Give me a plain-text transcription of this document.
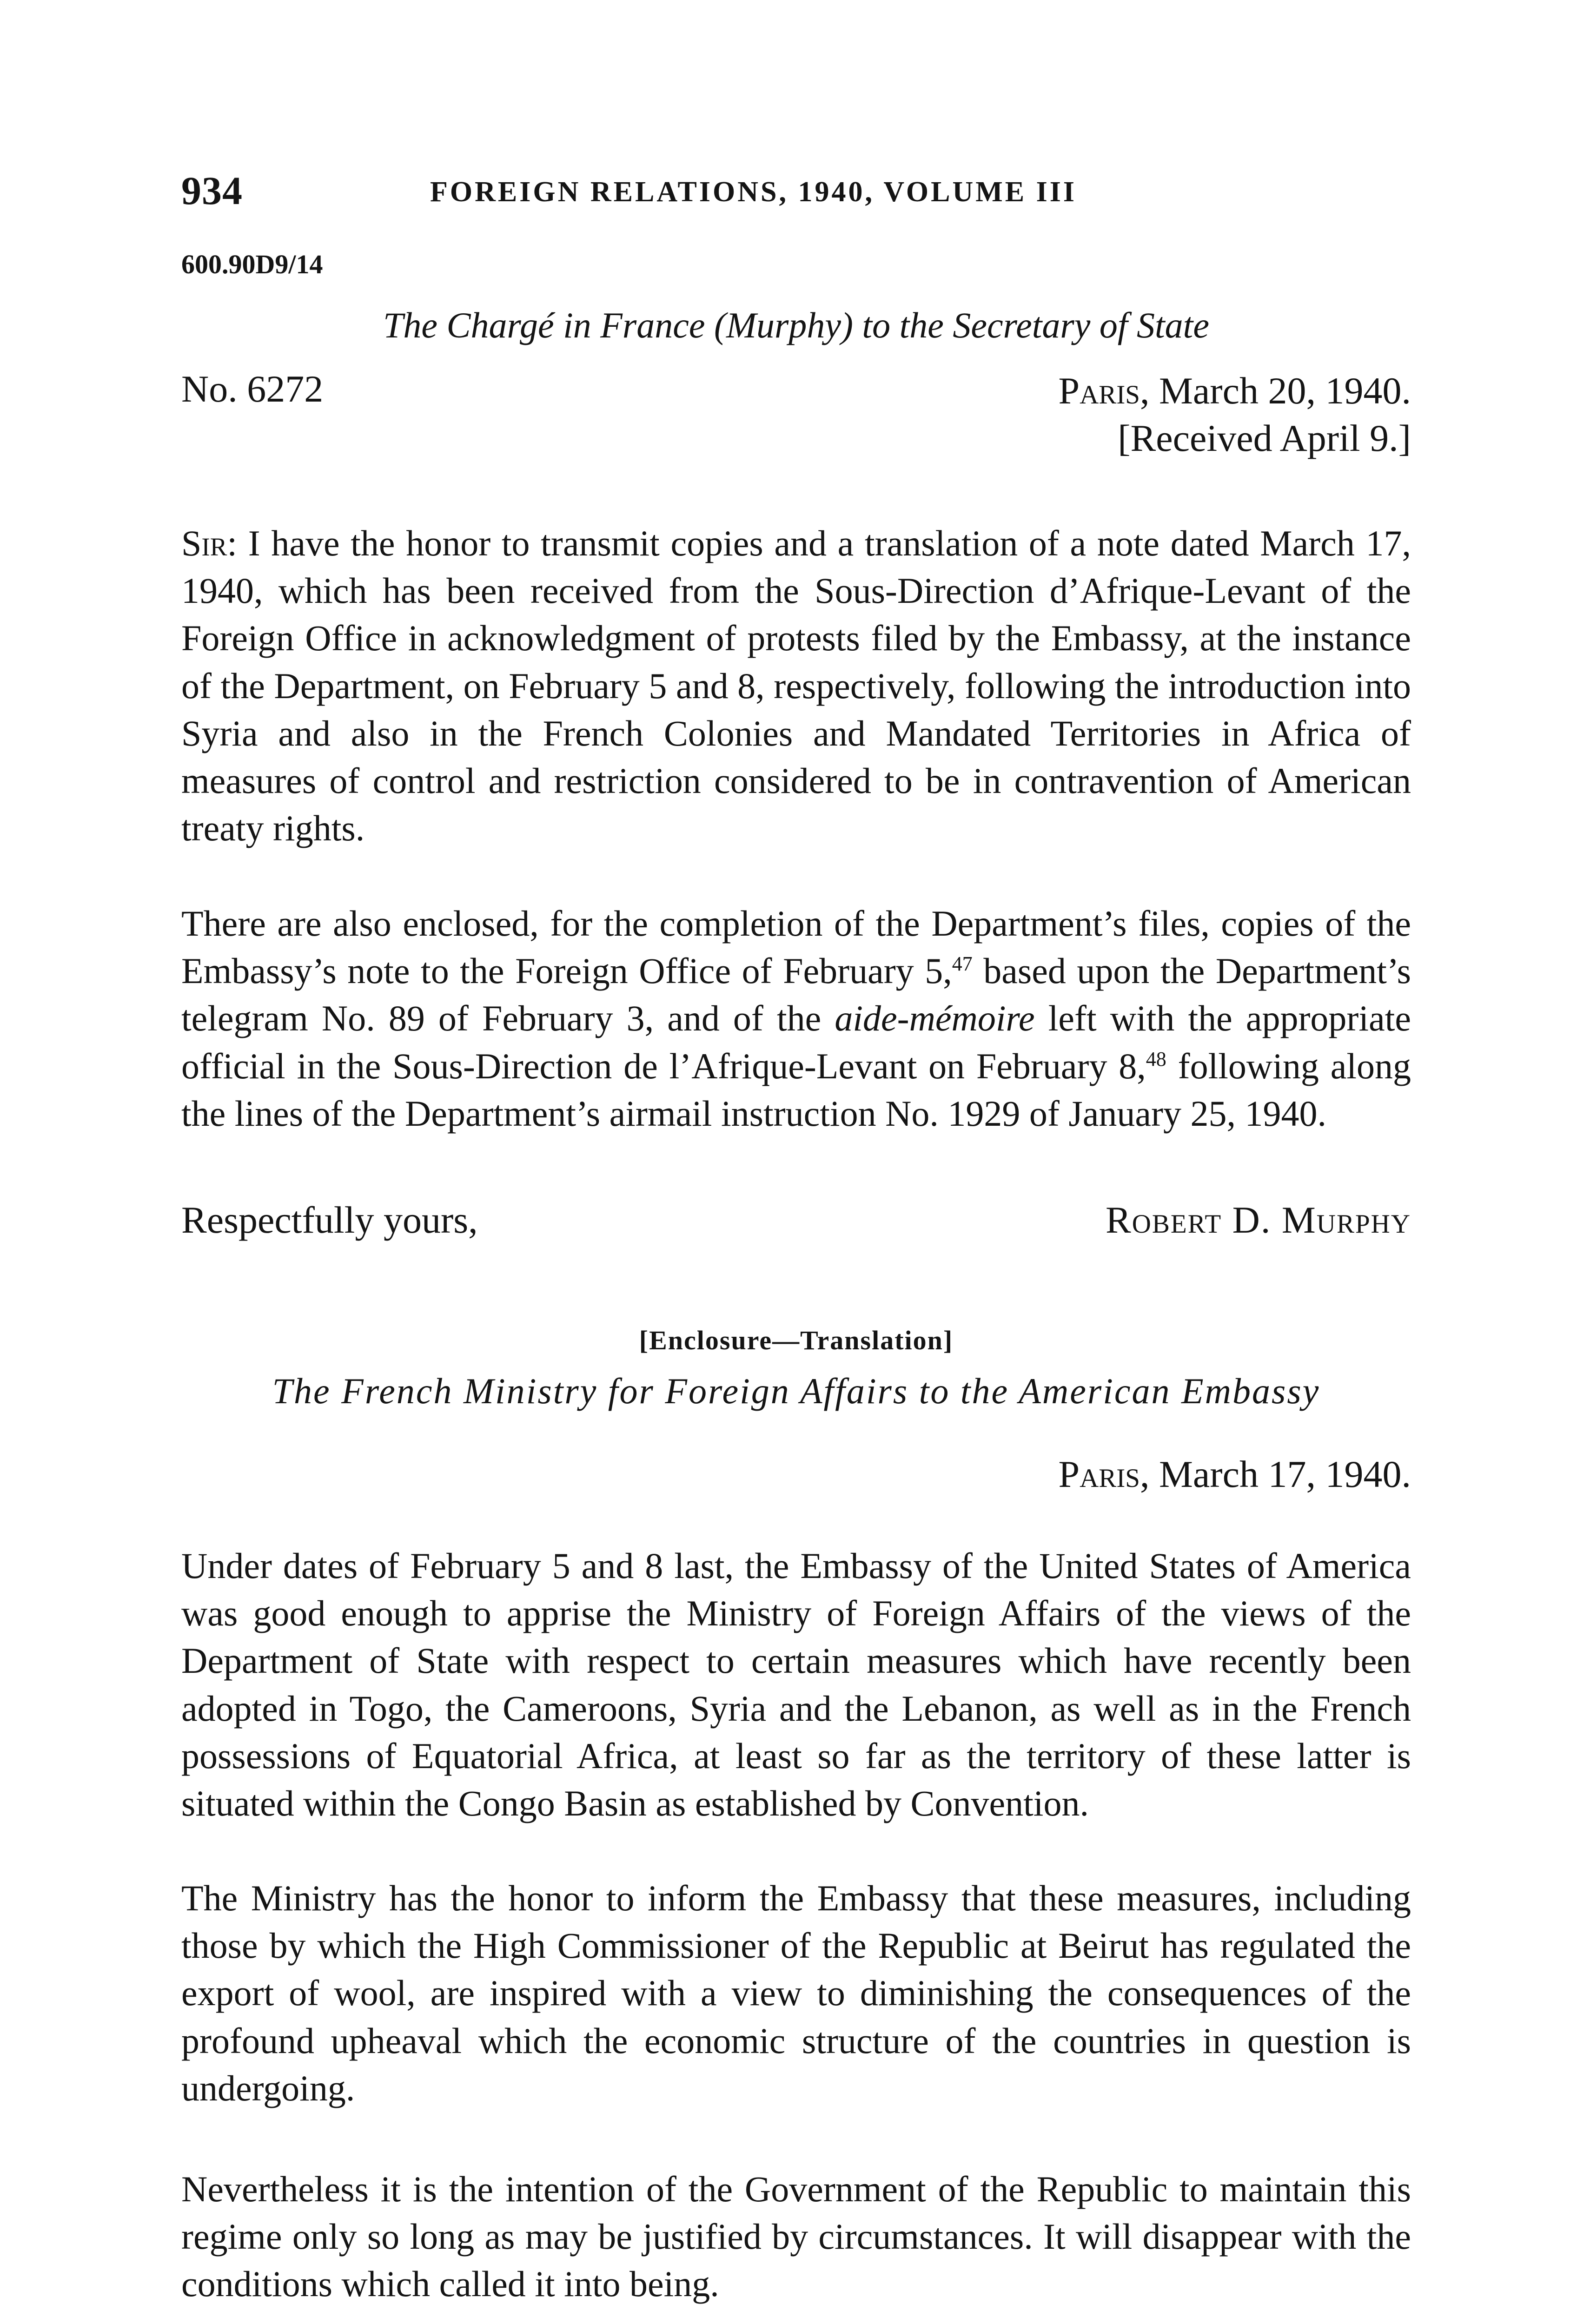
934	FOREIGN RELATIONS, 1940, VOLUME III
600.90D9/14
The Chargé in France (Murphy) to the Secretary of State
No. 6272	Paris, March 20, 1940.
[Received April 9.]

Sir: I have the honor to transmit copies and a translation of a note dated March 17, 1940, which has been received from the Sous-Direction d’Afrique-Levant of the Foreign Office in acknowledgment of protests filed by the Embassy, at the instance of the Department, on February 5 and 8, respectively, following the introduction into Syria and also in the French Colonies and Mandated Territories in Africa of measures of control and restriction considered to be in contravention of American treaty rights.

There are also enclosed, for the completion of the Department’s files, copies of the Embassy’s note to the Foreign Office of February 5,47 based upon the Department’s telegram No. 89 of February 3, and of the aide-mémoire left with the appropriate official in the Sous-Direction de l’Afrique-Levant on February 8,48 following along the lines of the Department’s airmail instruction No. 1929 of January 25, 1940.

Respectfully yours,	Robert D. Murphy
[Enclosure—Translation]
The French Ministry for Foreign Affairs to the American Embassy
Paris, March 17, 1940.

Under dates of February 5 and 8 last, the Embassy of the United States of America was good enough to apprise the Ministry of Foreign Affairs of the views of the Department of State with respect to certain measures which have recently been adopted in Togo, the Cameroons, Syria and the Lebanon, as well as in the French possessions of Equatorial Africa, at least so far as the territory of these latter is situated within the Congo Basin as established by Convention.

The Ministry has the honor to inform the Embassy that these measures, including those by which the High Commissioner of the Republic at Beirut has regulated the export of wool, are inspired with a view to diminishing the consequences of the profound upheaval which the economic structure of the countries in question is undergoing.

Nevertheless it is the intention of the Government of the Republic to maintain this regime only so long as may be justified by circumstances. It will disappear with the conditions which called it into being.
